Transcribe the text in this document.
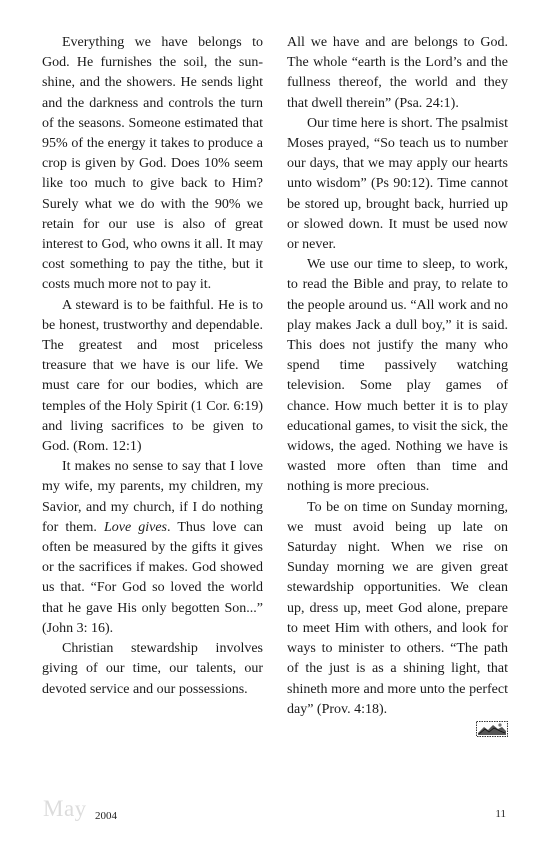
Everything we have belongs to God. He furnishes the soil, the sunshine, and the showers. He sends light and the darkness and controls the turn of the seasons. Someone estimated that 95% of the energy it takes to produce a crop is given by God. Does 10% seem like too much to give back to Him? Surely what we do with the 90% we retain for our use is also of great interest to God, who owns it all. It may cost something to pay the tithe, but it costs much more not to pay it.

A steward is to be faithful. He is to be honest, trustworthy and dependable. The greatest and most priceless treasure that we have is our life. We must care for our bodies, which are temples of the Holy Spirit (1 Cor. 6:19) and living sacrifices to be given to God. (Rom. 12:1)

It makes no sense to say that I love my wife, my parents, my children, my Savior, and my church, if I do nothing for them. Love gives. Thus love can often be measured by the gifts it gives or the sacrifices if makes. God showed us that. “For God so loved the world that he gave His only begotten Son...” (John 3: 16).

Christian stewardship involves giving of our time, our talents, our devoted service and our possessions.

All we have and are belongs to God. The whole “earth is the Lord’s and the fullness thereof, the world and they that dwell therein” (Psa. 24:1).

Our time here is short. The psalmist Moses prayed, “So teach us to number our days, that we may apply our hearts unto wisdom” (Ps 90:12). Time cannot be stored up, brought back, hurried up or slowed down. It must be used now or never.

We use our time to sleep, to work, to read the Bible and pray, to relate to the people around us. “All work and no play makes Jack a dull boy,” it is said. This does not justify the many who spend time passively watching television. Some play games of chance. How much better it is to play educational games, to visit the sick, the widows, the aged. Nothing we have is wasted more often than time and nothing is more precious.

To be on time on Sunday morning, we must avoid being up late on Saturday night. When we rise on Sunday morning we are given great stewardship opportunities. We clean up, dress up, meet God alone, prepare to meet Him with others, and look for ways to minister to others. “The path of the just is as a shining light, that shineth more and more unto the perfect day” (Prov. 4:18).

May 2004	11
